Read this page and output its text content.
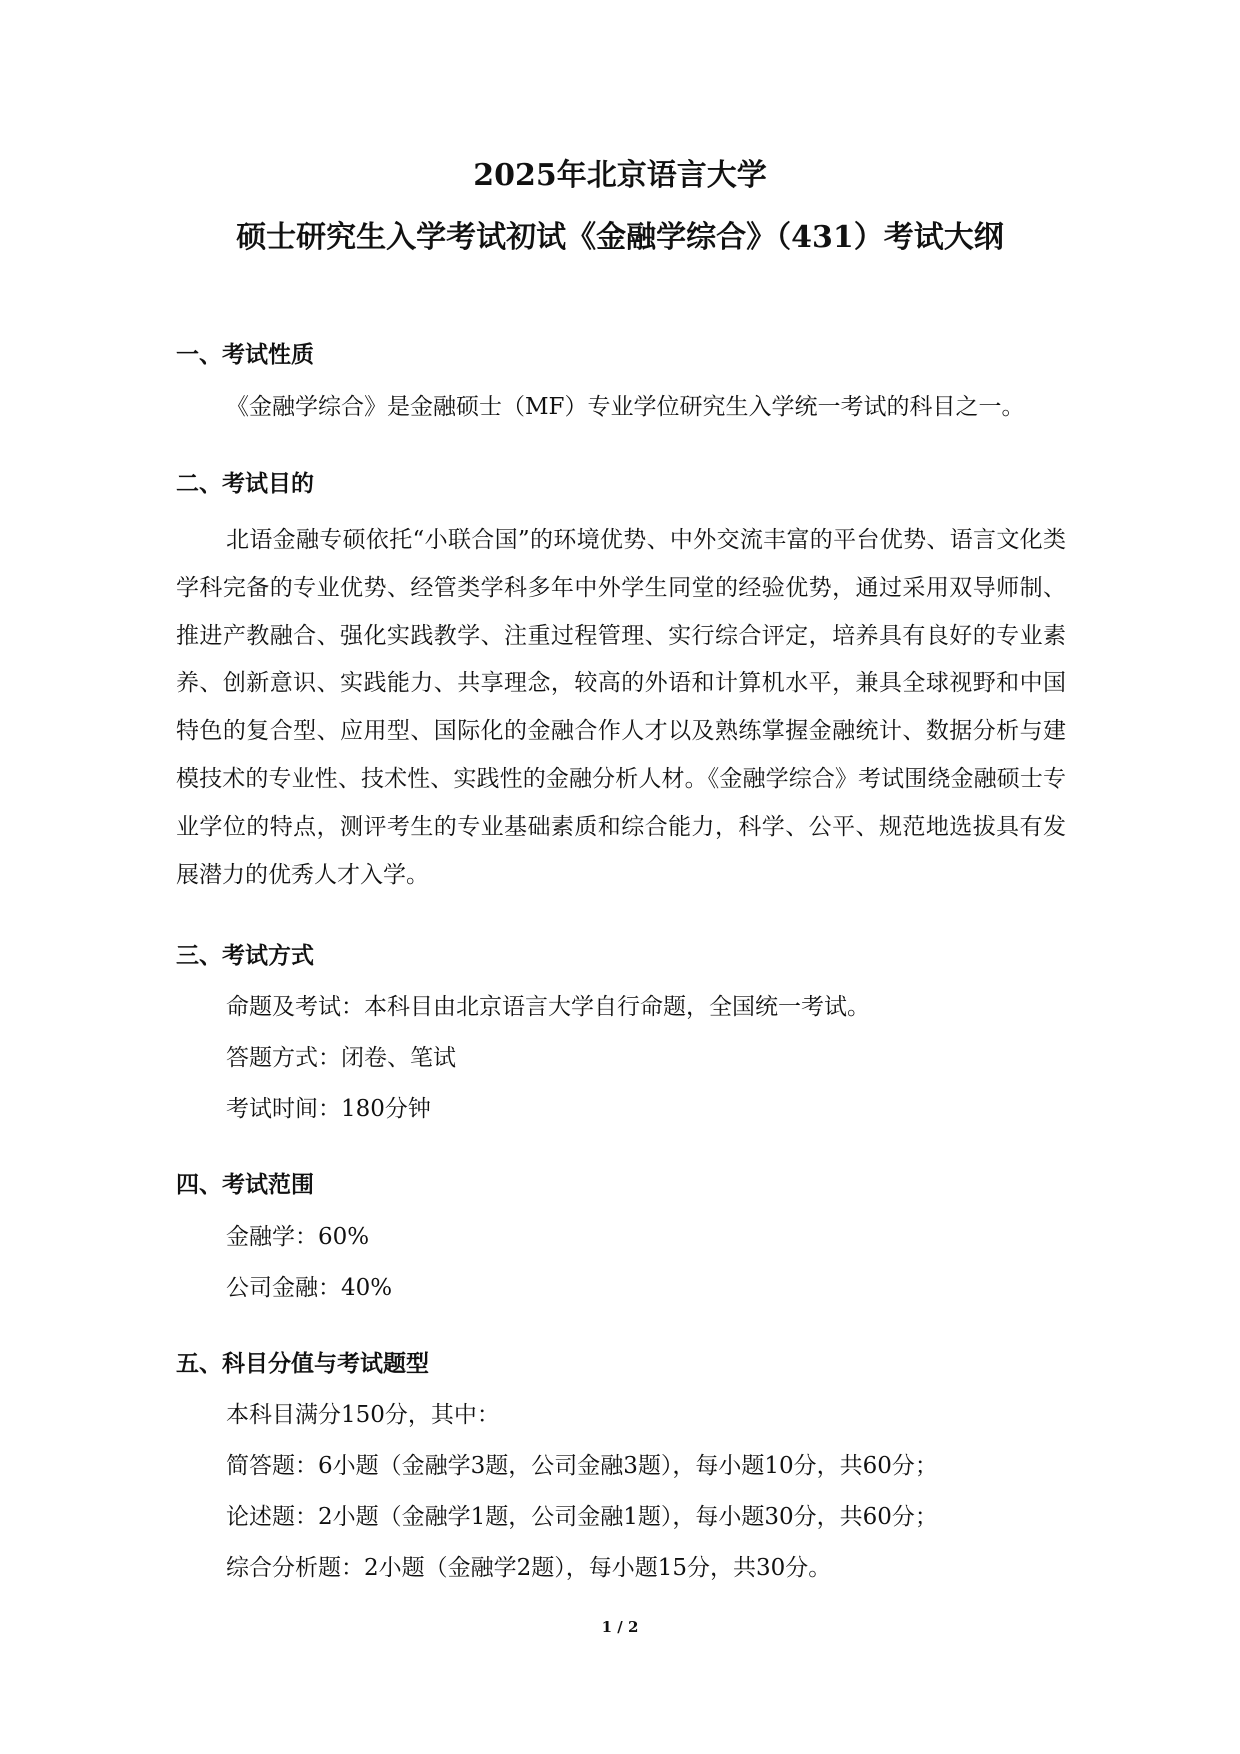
2025年北京语言大学
硕士研究生入学考试初试《金融学综合》（431）考试大纲
一、考试性质
《金融学综合》是金融硕士（MF）专业学位研究生入学统一考试的科目之一。
二、考试目的
北语金融专硕依托“小联合国”的环境优势、中外交流丰富的平台优势、语言文化类学科完备的专业优势、经管类学科多年中外学生同堂的经验优势，通过采用双导师制、推进产教融合、强化实践教学、注重过程管理、实行综合评定，培养具有良好的专业素养、创新意识、实践能力、共享理念，较高的外语和计算机水平，兼具全球视野和中国特色的复合型、应用型、国际化的金融合作人才以及熟练掌握金融统计、数据分析与建模技术的专业性、技术性、实践性的金融分析人材。《金融学综合》考试围绕金融硕士专业学位的特点，测评考生的专业基础素质和综合能力，科学、公平、规范地选拔具有发展潜力的优秀人才入学。
三、考试方式
命题及考试：本科目由北京语言大学自行命题，全国统一考试。
答题方式：闭卷、笔试
考试时间：180分钟
四、考试范围
金融学：60%
公司金融：40%
五、科目分值与考试题型
本科目满分150分，其中：
简答题：6小题（金融学3题，公司金融3题），每小题10分，共60分；
论述题：2小题（金融学1题，公司金融1题），每小题30分，共60分；
综合分析题：2小题（金融学2题），每小题15分，共30分。
1 / 2
